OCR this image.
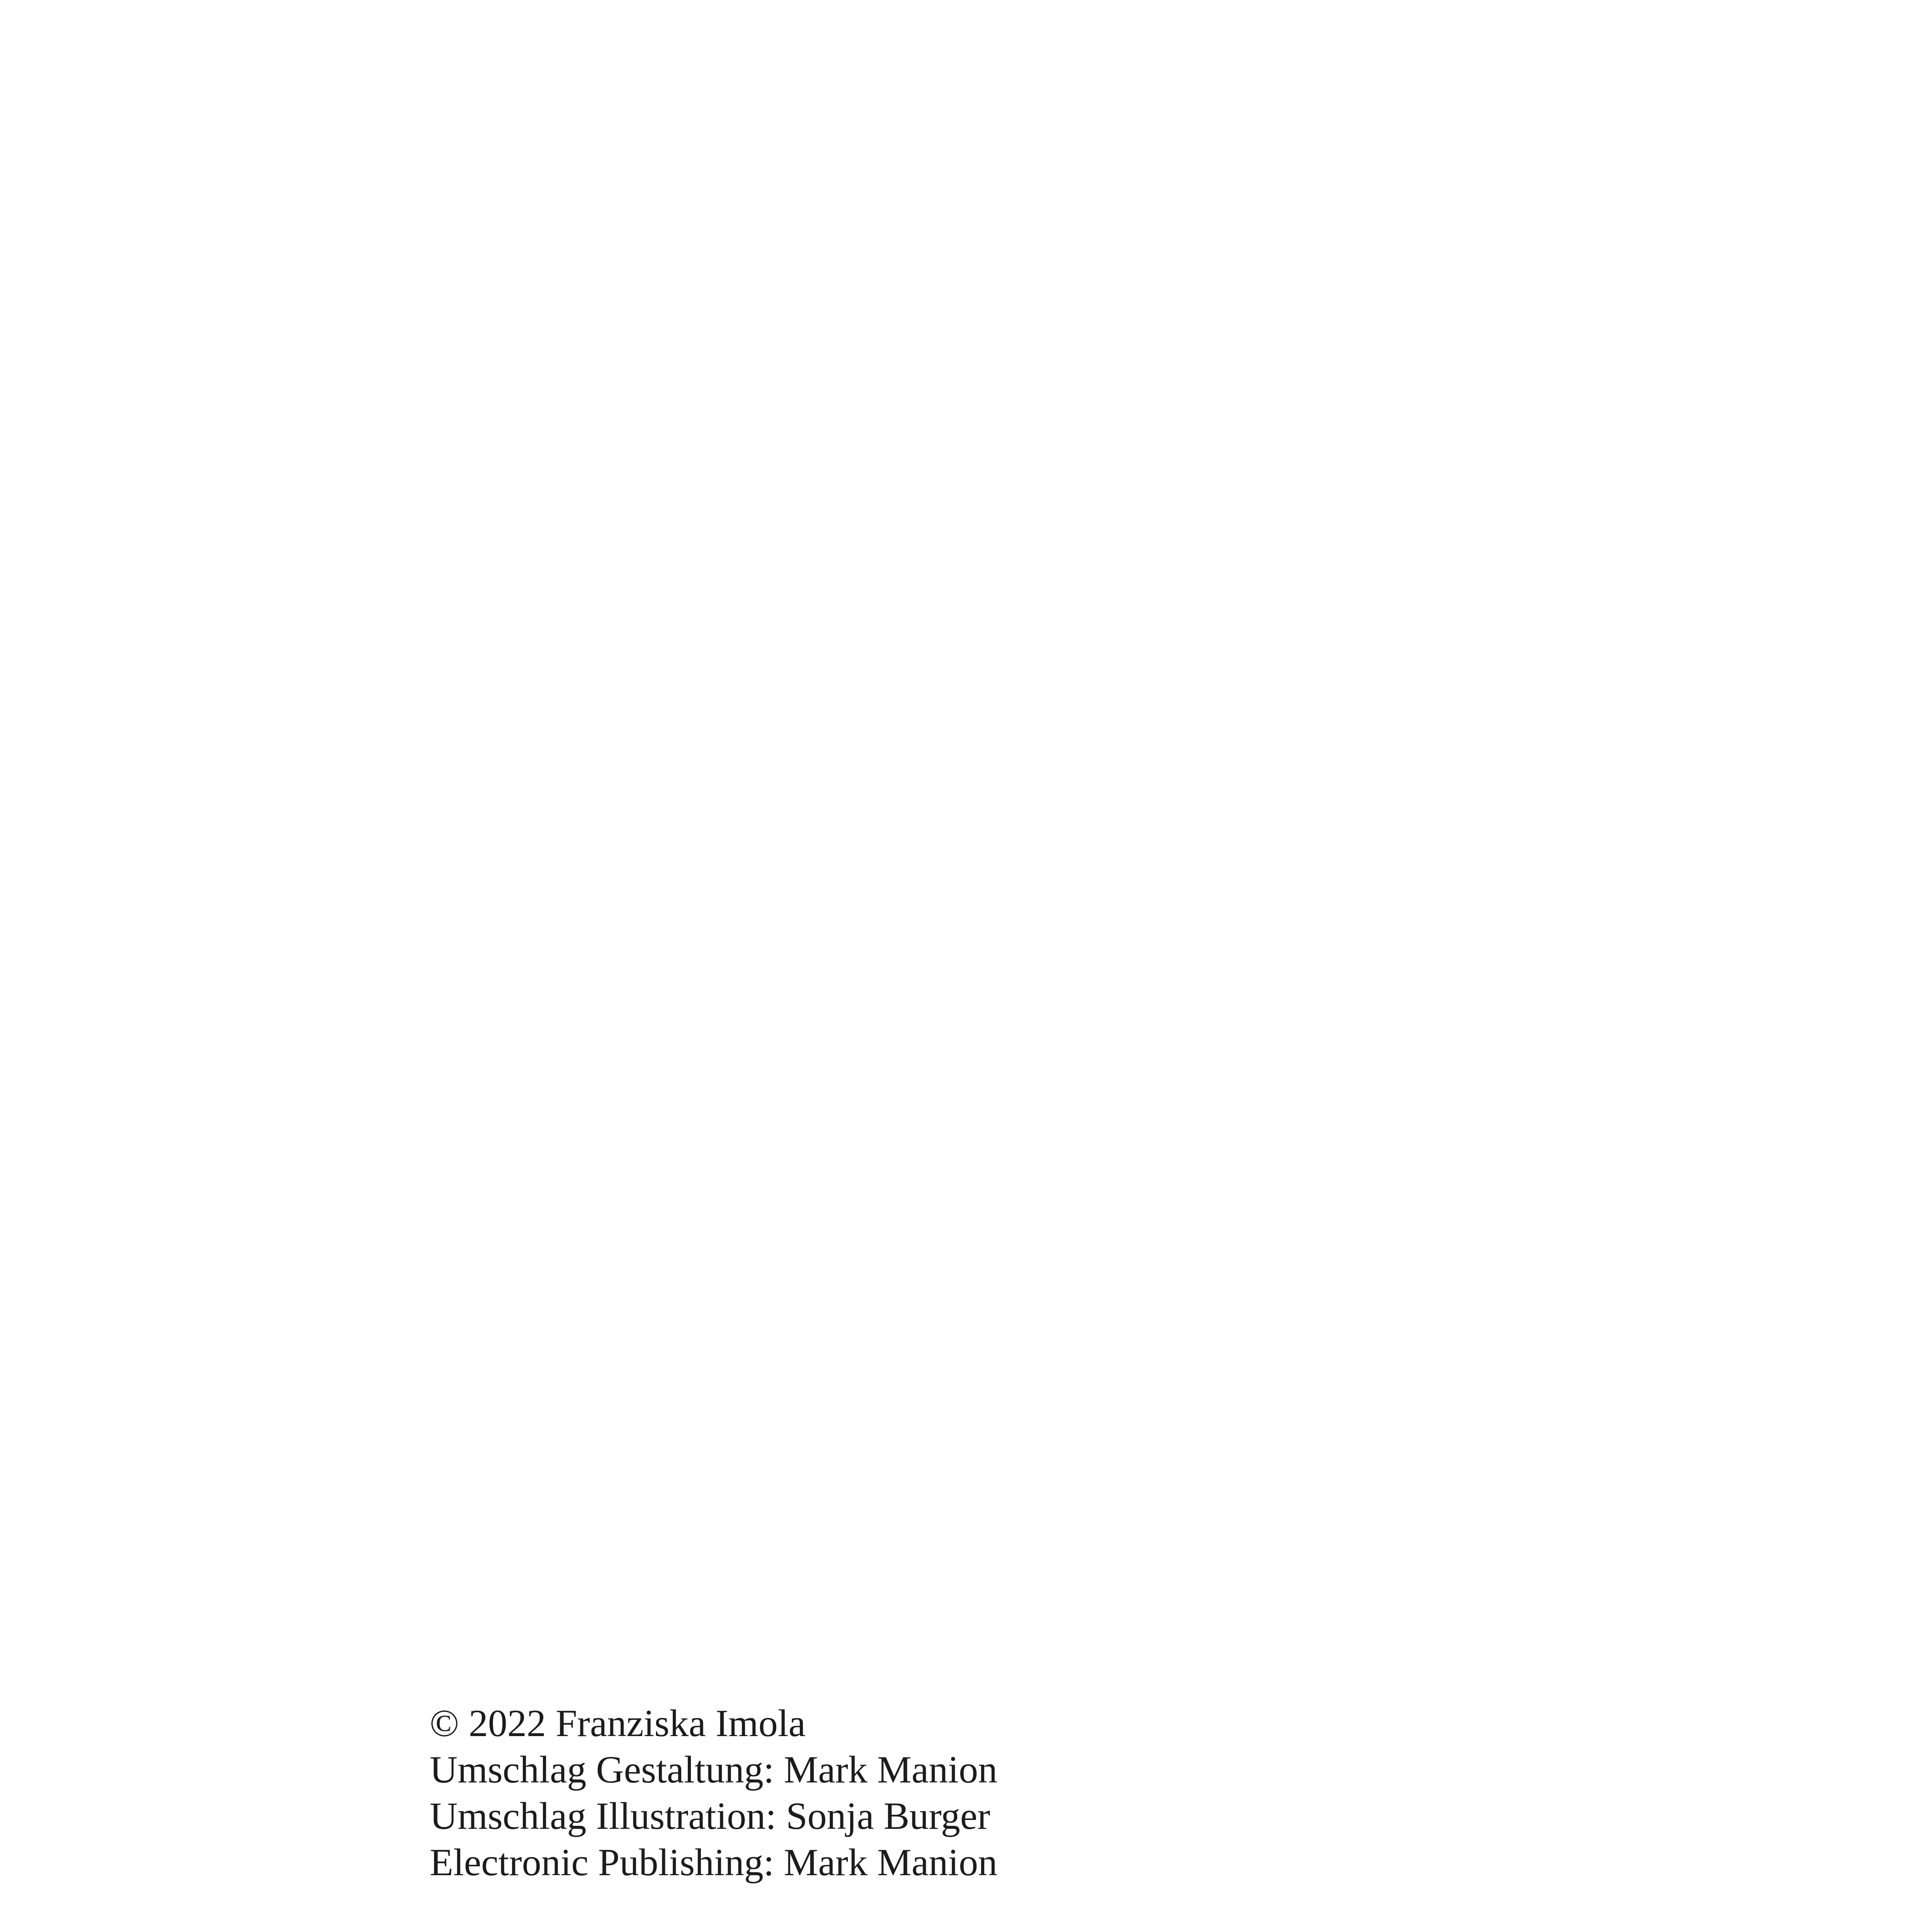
© 2022 Franziska Imola
Umschlag Gestaltung: Mark Manion
Umschlag Illustration: Sonja Burger
Electronic Publishing: Mark Manion
